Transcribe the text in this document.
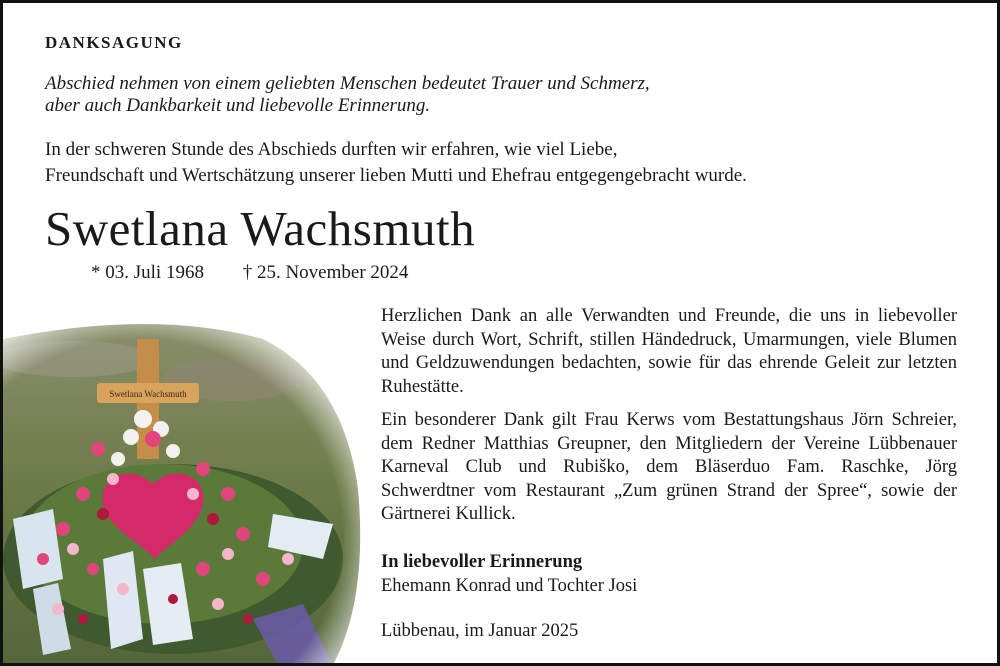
DANKSAGUNG
Abschied nehmen von einem geliebten Menschen bedeutet Trauer und Schmerz,
aber auch Dankbarkeit und liebevolle Erinnerung.
In der schweren Stunde des Abschieds durften wir erfahren, wie viel Liebe,
Freundschaft und Wertschätzung unserer lieben Mutti und Ehefrau entgegengebracht wurde.
Swetlana Wachsmuth
* 03. Juli 1968 † 25. November 2024

Herzlichen Dank an alle Verwandten und Freunde, die uns in liebevoller Weise durch Wort, Schrift, stillen Händedruck, Umarmungen, viele Blumen und Geldzuwendungen bedachten, sowie für das ehrende Geleit zur letzten Ruhestätte.

Ein besonderer Dank gilt Frau Kerws vom Bestattungshaus Jörn Schreier, dem Redner Matthias Greupner, den Mitgliedern der Vereine Lübbenauer Karneval Club und Rubiško, dem Bläserduo Fam. Raschke, Jörg Schwerdtner vom Restaurant „Zum grünen Strand der Spree“, sowie der Gärtnerei Kullick.

In liebevoller Erinnerung
Ehemann Konrad und Tochter Josi
Lübbenau, im Januar 2025
